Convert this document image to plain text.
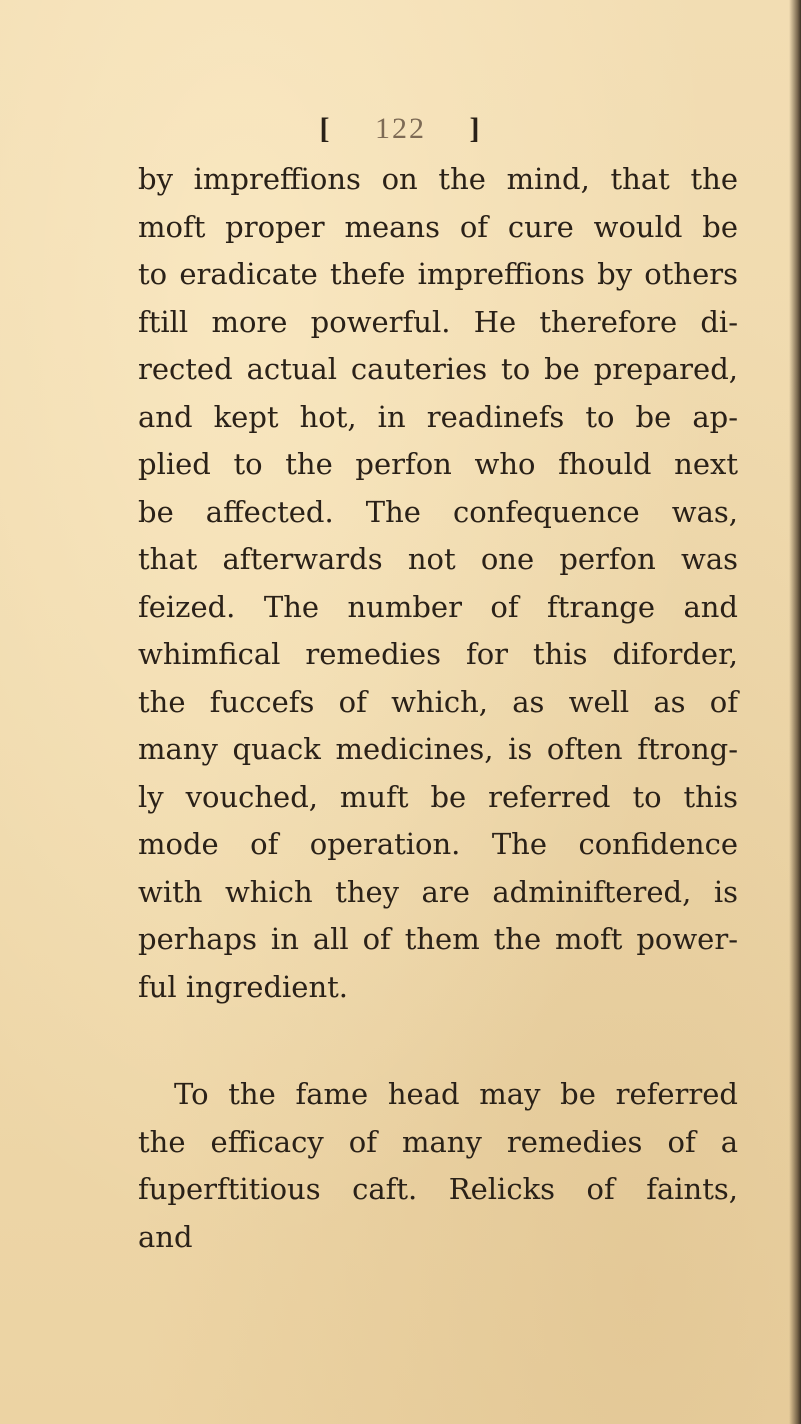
[ 122 ]
by impreffions on the mind, that the
moft proper means of cure would be
to eradicate thefe impreffions by others
ftill more powerful. He therefore di-
rected actual cauteries to be prepared,
and kept hot, in readinefs to be ap-
plied to the perfon who fhould next
be affected. The confequence was,
that afterwards not one perfon was
feized. The number of ftrange and
whimfical remedies for this diforder,
the fuccefs of which, as well as of
many quack medicines, is often ftrong-
ly vouched, muft be referred to this
mode of operation. The confidence
with which they are adminiftered, is
perhaps in all of them the moft power-
ful ingredient.
To the fame head may be referred
the efficacy of many remedies of a
fuperftitious caft. Relicks of faints,
and
